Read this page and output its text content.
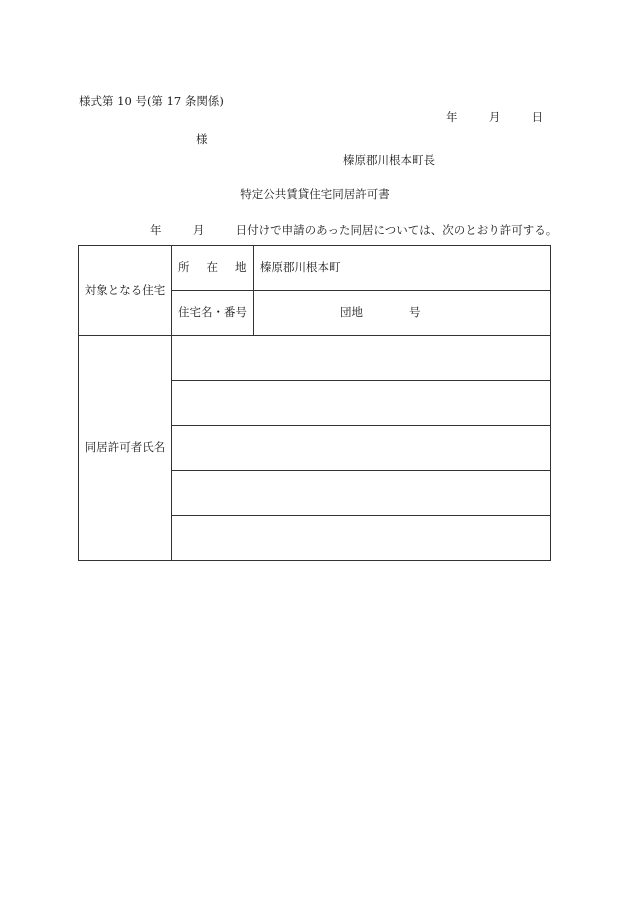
様式第 10 号(第 17 条関係)
年	月	日
様
榛原郡川根本町長
特定公共賃貸住宅同居許可書
年	月	日付けで申請のあった同居については、次のとおり許可する。
対象となる住宅	所 在 地	榛原郡川根本町
	住宅名・番号	団地 号
同居許可者氏名		
